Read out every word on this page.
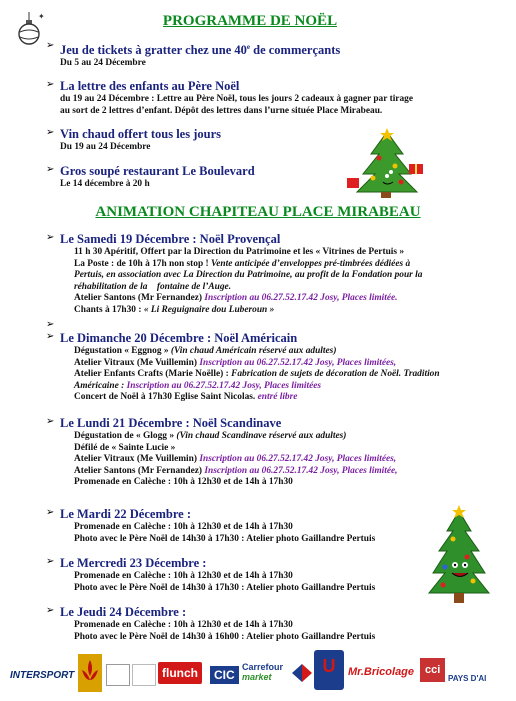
✦	PROGRAMME DE NOËL
➢ Jeu de tickets à gratter chez une 40e de commerçants
Du 5 au 24 Décembre
➢ La lettre des enfants au Père Noël
du 19 au 24 Décembre : Lettre au Père Noël, tous les jours 2 cadeaux à gagner par tirage
au sort de 2 lettres d’enfant. Dépôt des lettres dans l’urne située Place Mirabeau.
➢ Vin chaud offert tous les jours
Du 19 au 24 Décembre
➢ Gros soupé restaurant Le Boulevard
Le 14 décembre à 20 h
ANIMATION CHAPITEAU PLACE MIRABEAU
➢ Le Samedi 19 Décembre : Noël Provençal
11 h 30 Apéritif, Offert par la Direction du Patrimoine et les « Vitrines de Pertuis »
La Poste : de 10h à 17h non stop ! Vente anticipée d’enveloppes pré-timbrées dédiées à
Pertuis, en association avec La Direction du Patrimoine, au profit de la Fondation pour la
réhabilitation de la    fontaine de l’Auge.
Atelier Santons (Mr Fernandez) Inscription au 06.27.52.17.42 Josy, Places limitée.
Chants à 17h30 : « Li Reguignaire dou Luberoun »
➢
➢ Le Dimanche 20 Décembre : Noël Américain
Dégustation « Eggnog » (Vin chaud Américain réservé aux adultes)
Atelier Vitraux (Me Vuillemin) Inscription au 06.27.52.17.42 Josy, Places limitées,
Atelier Enfants Crafts (Marie Noëlle) : Fabrication de sujets de décoration de Noël. Tradition
Américaine : Inscription au 06.27.52.17.42 Josy, Places limitées
Concert de Noël à 17h30 Eglise Saint Nicolas. entré libre
➢ Le Lundi 21 Décembre : Noël Scandinave
Dégustation de « Glogg » (Vin chaud Scandinave réservé aux adultes)
Défilé de « Sainte Lucie »
Atelier Vitraux (Me Vuillemin) Inscription au 06.27.52.17.42 Josy, Places limitées,
Atelier Santons (Mr Fernandez) Inscription au 06.27.52.17.42 Josy, Places limitée,
Promenade en Calèche : 10h à 12h30 et de 14h à 17h30
➢ Le Mardi 22 Décembre :
Promenade en Calèche : 10h à 12h30 et de 14h à 17h30
Photo avec le Père Noël de 14h30 à 17h30 : Atelier photo Gaillandre Pertuis
➢ Le Mercredi 23 Décembre :
Promenade en Calèche : 10h à 12h30 et de 14h à 17h30
Photo avec le Père Noël de 14h30 à 17h30 : Atelier photo Gaillandre Pertuis
➢ Le Jeudi 24 Décembre :
Promenade en Calèche : 10h à 12h30 et de 14h à 17h30
Photo avec le Père Noël de 14h30 à 16h00 : Atelier photo Gaillandre Pertuis
INTERSPORT	flunch	CIC
Carrefour
market
U Mr.Bricolage cci
PAYS D'AI
